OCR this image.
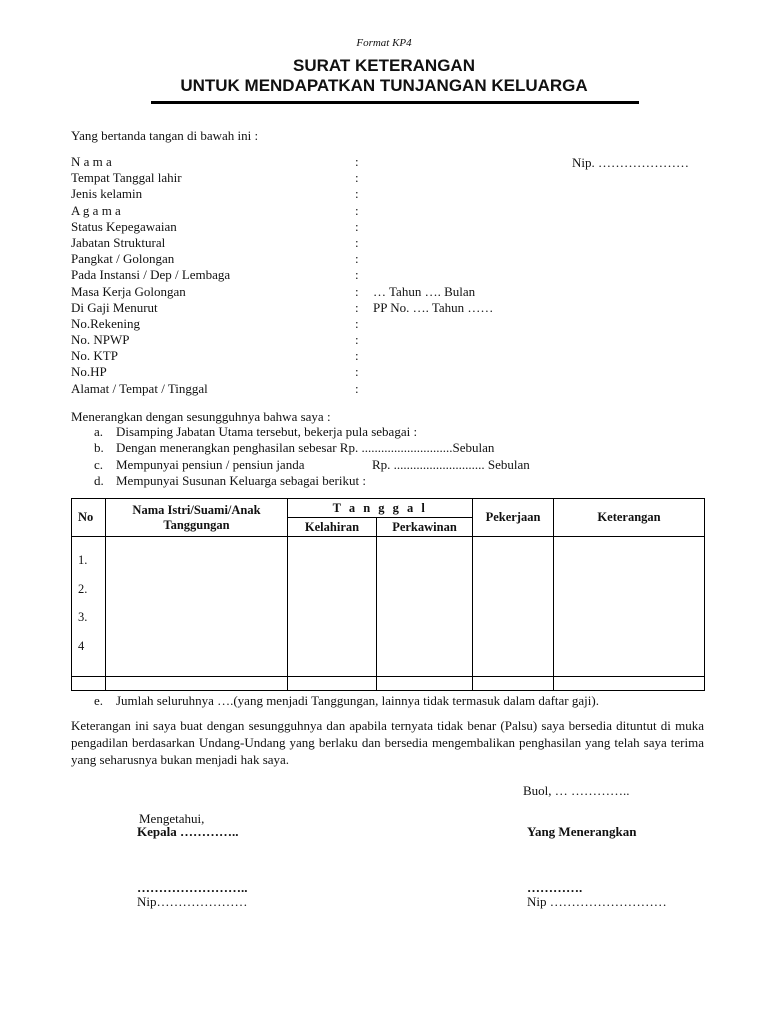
Format KP4
SURAT KETERANGAN
UNTUK MENDAPATKAN TUNJANGAN KELUARGA
Yang bertanda tangan di bawah ini :
Nip. …………………
N a m a	:
Tempat Tanggal lahir	:
Jenis kelamin	:
A g a m a	:
Status Kepegawaian	:
Jabatan Struktural	:
Pangkat / Golongan	:
Pada Instansi / Dep / Lembaga	:
Masa Kerja Golongan	: … Tahun …. Bulan
Di Gaji Menurut	: PP No. …. Tahun ……
No.Rekening	:
No. NPWP	:
No. KTP	:
No.HP	:
Alamat / Tempat / Tinggal	:
Menerangkan dengan sesungguhnya bahwa saya :
a. Disamping Jabatan Utama tersebut, bekerja pula sebagai :
b. Dengan menerangkan penghasilan sebesar Rp. ............................Sebulan
c. Mempunyai pensiun / pensiun janda	Rp. ............................ Sebulan
d. Mempunyai Susunan Keluarga sebagai berikut :
No	Nama Istri/Suami/Anak Tanggungan	T a n g g a l		Pekerjaan	Keterangan
		Kelahiran	Perkawinan		

1.
2.
3.
4					

e. Jumlah seluruhnya ….(yang menjadi Tanggungan, lainnya tidak termasuk dalam daftar gaji).
Keterangan ini saya buat dengan sesungguhnya dan apabila ternyata tidak benar (Palsu) saya bersedia dituntut di muka pengadilan berdasarkan Undang-Undang yang berlaku dan bersedia mengembalikan penghasilan yang telah saya terima yang seharusnya bukan menjadi hak saya.
Buol, … …………..
Mengetahui,
Kepala …………..	Yang Menerangkan
……………………..	………….
Nip…………………	Nip ………………………
